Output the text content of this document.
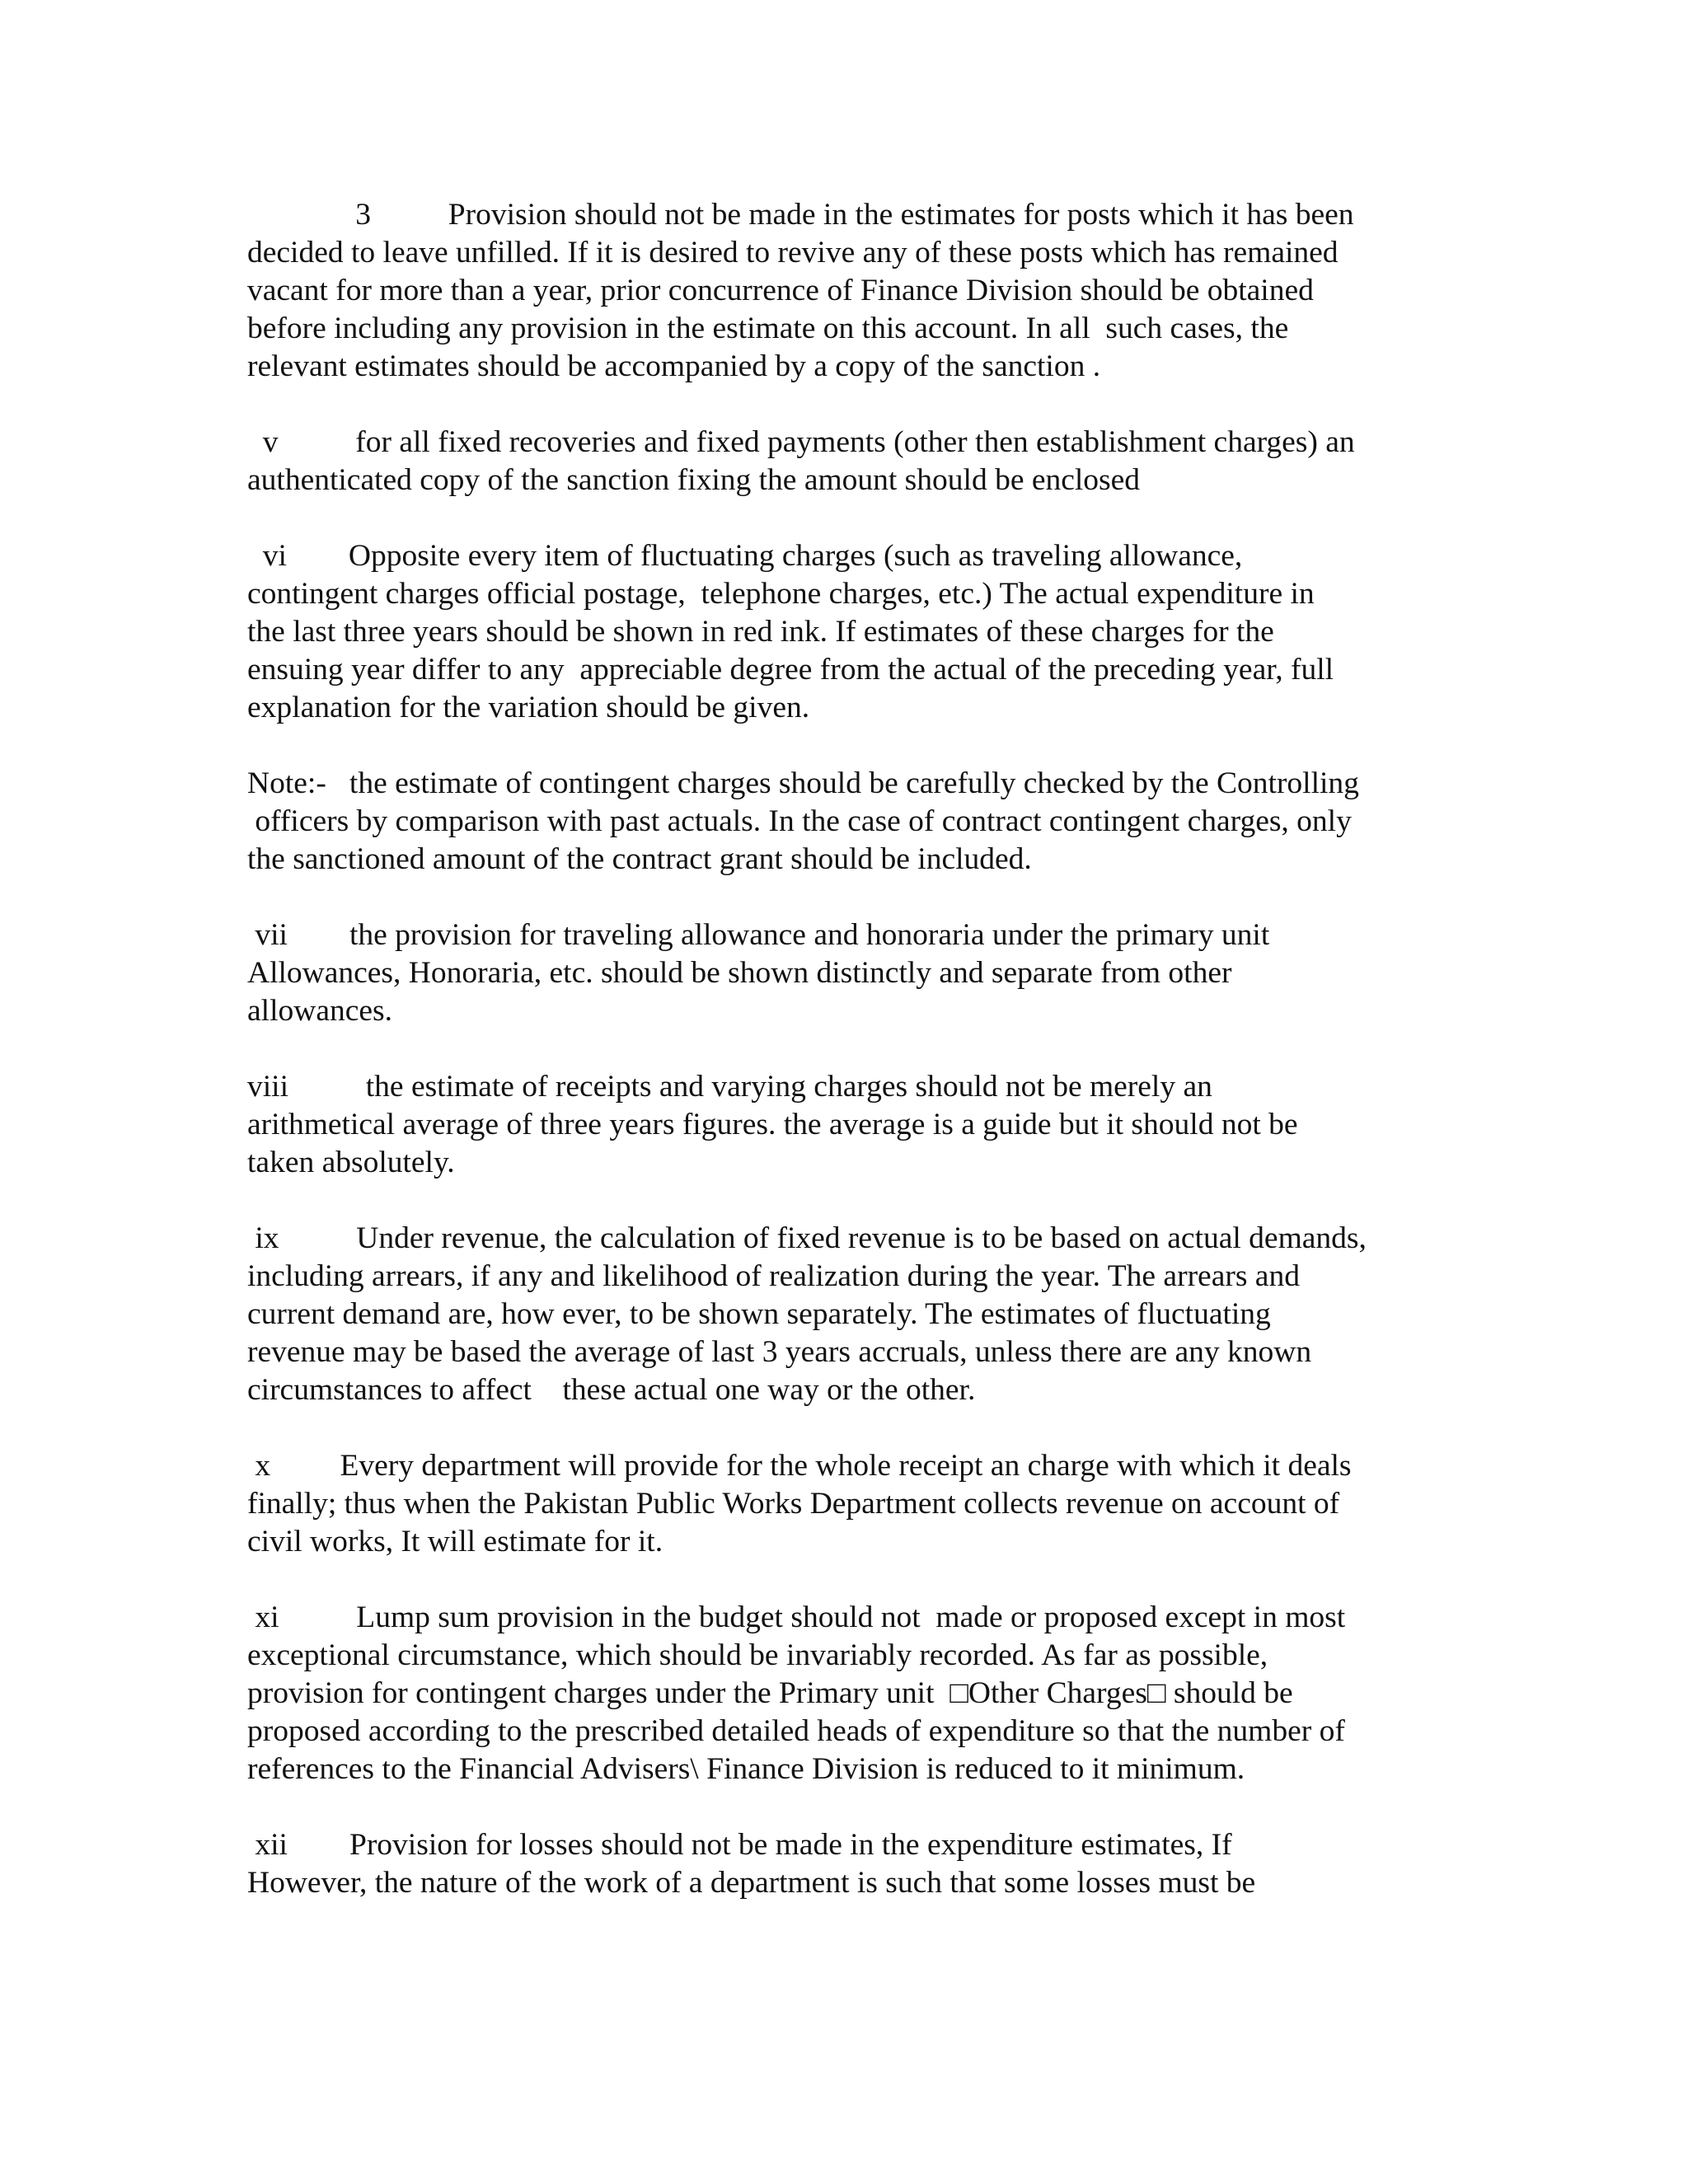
3          Provision should not be made in the estimates for posts which it has been
decided to leave unfilled. If it is desired to revive any of these posts which has remained
vacant for more than a year, prior concurrence of Finance Division should be obtained
before including any provision in the estimate on this account. In all  such cases, the
relevant estimates should be accompanied by a copy of the sanction .
v          for all fixed recoveries and fixed payments (other then establishment charges) an
authenticated copy of the sanction fixing the amount should be enclosed
vi        Opposite every item of fluctuating charges (such as traveling allowance,
contingent charges official postage,  telephone charges, etc.) The actual expenditure in
the last three years should be shown in red ink. If estimates of these charges for the
ensuing year differ to any  appreciable degree from the actual of the preceding year, full
explanation for the variation should be given.
Note:-   the estimate of contingent charges should be carefully checked by the Controlling
officers by comparison with past actuals. In the case of contract contingent charges, only
the sanctioned amount of the contract grant should be included.
vii        the provision for traveling allowance and honoraria under the primary unit
Allowances, Honoraria, etc. should be shown distinctly and separate from other
allowances.
viii          the estimate of receipts and varying charges should not be merely an
arithmetical average of three years figures. the average is a guide but it should not be
taken absolutely.
ix          Under revenue, the calculation of fixed revenue is to be based on actual demands,
including arrears, if any and likelihood of realization during the year. The arrears and
current demand are, how ever, to be shown separately. The estimates of fluctuating
revenue may be based the average of last 3 years accruals, unless there are any known
circumstances to affect    these actual one way or the other.
x         Every department will provide for the whole receipt an charge with which it deals
finally; thus when the Pakistan Public Works Department collects revenue on account of
civil works, It will estimate for it.
xi          Lump sum provision in the budget should not  made or proposed except in most
exceptional circumstance, which should be invariably recorded. As far as possible,
provision for contingent charges under the Primary unit  □Other Charges□ should be
proposed according to the prescribed detailed heads of expenditure so that the number of
references to the Financial Advisers\ Finance Division is reduced to it minimum.
xii        Provision for losses should not be made in the expenditure estimates, If
However, the nature of the work of a department is such that some losses must be
